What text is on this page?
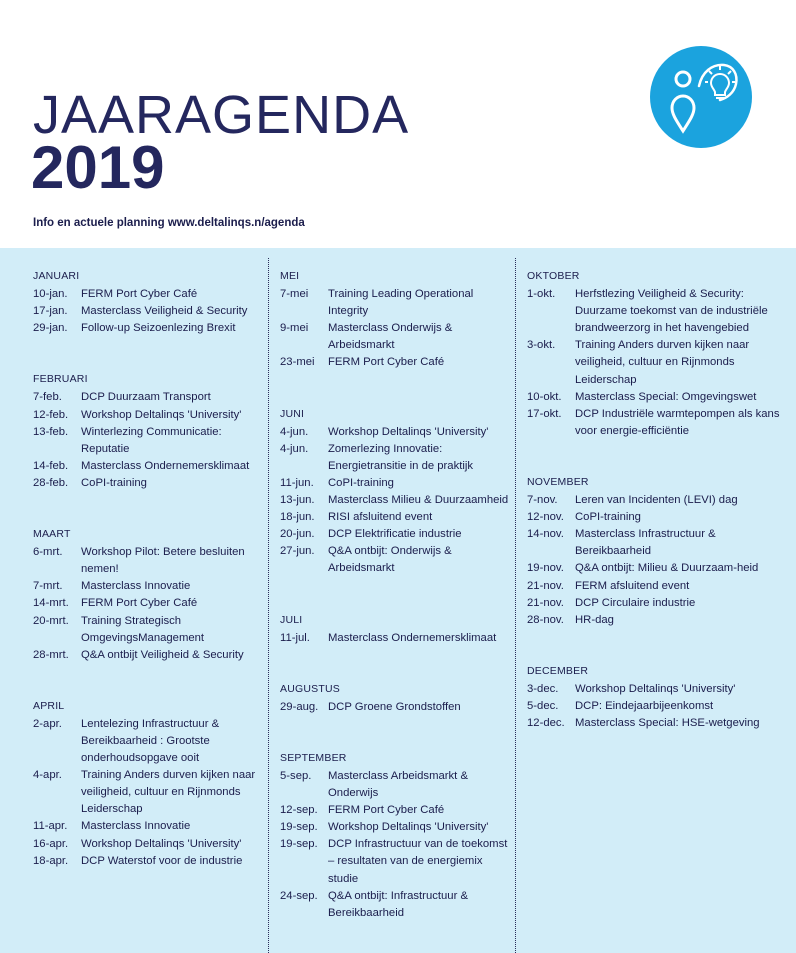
JAARAGENDA
2019
Info en actuele planning www.deltalinqs.n/agenda
JANUARI
10-jan.	FERM Port Cyber Café
17-jan.	Masterclass Veiligheid & Security
29-jan.	Follow-up Seizoenlezing Brexit
FEBRUARI
7-feb.	DCP Duurzaam Transport
12-feb.	Workshop Deltalinqs 'University'
13-feb.	Winterlezing Communicatie: Reputatie
14-feb.	Masterclass Ondernemersklimaat
28-feb.	CoPI-training
MAART
6-mrt.	Workshop Pilot: Betere besluiten nemen!
7-mrt.	Masterclass Innovatie
14-mrt.	FERM Port Cyber Café
20-mrt.	Training Strategisch OmgevingsManagement
28-mrt.	Q&A ontbijt Veiligheid & Security
APRIL
2-apr.	Lentelezing Infrastructuur & Bereikbaarheid : Grootste onderhoudsopgave ooit
4-apr.	Training Anders durven kijken naar veiligheid, cultuur en Rijnmonds Leiderschap
11-apr.	Masterclass Innovatie
16-apr.	Workshop Deltalinqs 'University'
18-apr.	DCP Waterstof voor de industrie
MEI
7-mei	Training Leading Operational Integrity
9-mei	Masterclass Onderwijs & Arbeidsmarkt
23-mei	FERM Port Cyber Café
JUNI
4-jun.	Workshop Deltalinqs 'University'
4-jun.	Zomerlezing Innovatie: Energietransitie in de praktijk
11-jun.	CoPI-training
13-jun.	Masterclass Milieu & Duurzaamheid
18-jun.	RISI afsluitend event
20-jun.	DCP Elektrificatie industrie
27-jun.	Q&A ontbijt: Onderwijs & Arbeidsmarkt
JULI
11-jul.	Masterclass Ondernemersklimaat
AUGUSTUS
29-aug. DCP Groene Grondstoffen
SEPTEMBER
5-sep.	Masterclass Arbeidsmarkt & Onderwijs
12-sep. FERM Port Cyber Café
19-sep. Workshop Deltalinqs 'University'
19-sep. DCP Infrastructuur van de toekomst – resultaten van de energiemix studie
24-sep. Q&A ontbijt: Infrastructuur & Bereikbaarheid
OKTOBER
1-okt.	Herfstlezing Veiligheid & Security: Duurzame toekomst van de industriële brandweerzorg in het havengebied
3-okt.	Training Anders durven kijken naar veiligheid, cultuur en Rijnmonds Leiderschap
10-okt.	Masterclass Special: Omgevingswet
17-okt.	DCP Industriële warmtepompen als kans voor energie-efficiëntie
NOVEMBER
7-nov.	Leren van Incidenten (LEVI) dag
12-nov. CoPI-training
14-nov. Masterclass Infrastructuur & Bereikbaarheid
19-nov. Q&A ontbijt: Milieu & Duurzaam-heid
21-nov. FERM afsluitend event
21-nov. DCP Circulaire industrie
28-nov. HR-dag
DECEMBER
3-dec.	Workshop Deltalinqs 'University'
5-dec.	DCP: Eindejaarbijeenkomst
12-dec. Masterclass Special: HSE-wetgeving
